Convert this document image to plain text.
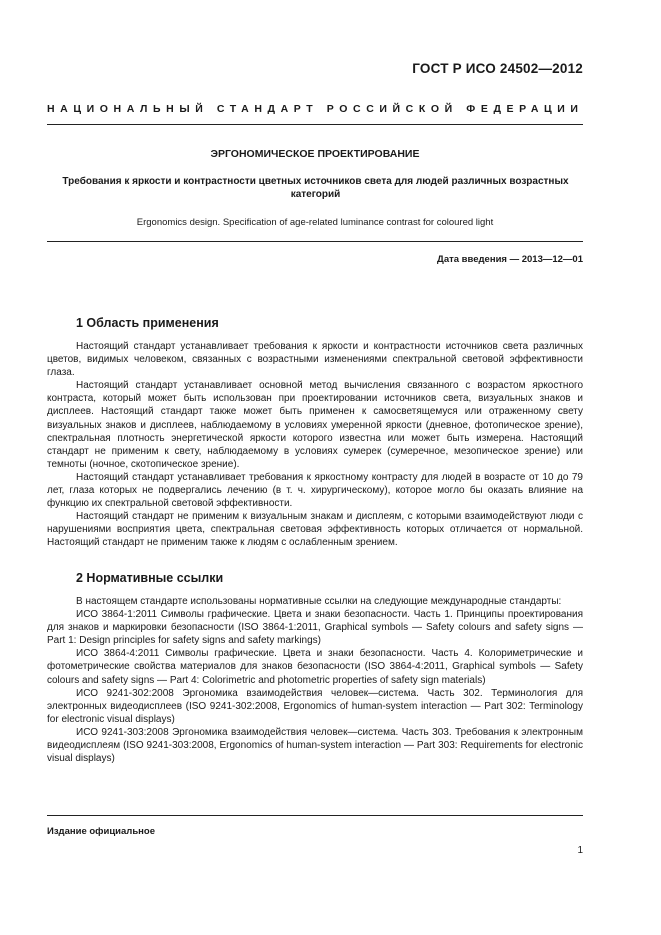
ГОСТ Р ИСО 24502—2012
НАЦИОНАЛЬНЫЙ СТАНДАРТ РОССИЙСКОЙ ФЕДЕРАЦИИ
ЭРГОНОМИЧЕСКОЕ ПРОЕКТИРОВАНИЕ
Требования к яркости и контрастности цветных источников света для людей различных возрастных категорий
Ergonomics design. Specification of age-related luminance contrast for coloured light
Дата введения — 2013—12—01
1 Область применения

Настоящий стандарт устанавливает требования к яркости и контрастности источников света различных цветов, видимых человеком, связанных с возрастными изменениями спектральной световой эффективности глаза.

Настоящий стандарт устанавливает основной метод вычисления связанного с возрастом яркостного контраста, который может быть использован при проектировании источников света, визуальных знаков и дисплеев. Настоящий стандарт также может быть применен к самосветящемуся или отраженному свету визуальных знаков и дисплеев, наблюдаемому в условиях умеренной яркости (дневное, фотопическое зрение), спектральная плотность энергетической яркости которого известна или может быть измерена. Настоящий стандарт не применим к свету, наблюдаемому в условиях сумерек (сумеречное, мезопическое зрение) или темноты (ночное, скотопическое зрение).

Настоящий стандарт устанавливает требования к яркостному контрасту для людей в возрасте от 10 до 79 лет, глаза которых не подвергались лечению (в т. ч. хирургическому), которое могло бы оказать влияние на функцию их спектральной световой эффективности.

Настоящий стандарт не применим к визуальным знакам и дисплеям, с которыми взаимодействуют люди с нарушениями восприятия цвета, спектральная световая эффективность которых отличается от нормальной. Настоящий стандарт не применим также к людям с ослабленным зрением.

2 Нормативные ссылки

В настоящем стандарте использованы нормативные ссылки на следующие международные стандарты:

ИСО 3864-1:2011 Символы графические. Цвета и знаки безопасности. Часть 1. Принципы проектирования для знаков и маркировки безопасности (ISO 3864-1:2011, Graphical symbols — Safety colours and safety signs — Part 1: Design principles for safety signs and safety markings)

ИСО 3864-4:2011 Символы графические. Цвета и знаки безопасности. Часть 4. Колориметрические и фотометрические свойства материалов для знаков безопасности (ISO 3864-4:2011, Graphical symbols — Safety colours and safety signs — Part 4: Colorimetric and photometric properties of safety sign materials)

ИСО 9241-302:2008 Эргономика взаимодействия человек—система. Часть 302. Терминология для электронных видеодисплеев (ISO 9241-302:2008, Ergonomics of human-system interaction — Part 302: Terminology for electronic visual displays)

ИСО 9241-303:2008 Эргономика взаимодействия человек—система. Часть 303. Требования к электронным видеодисплеям (ISO 9241-303:2008, Ergonomics of human-system interaction — Part 303: Requirements for electronic visual displays)

Издание официальное
1
